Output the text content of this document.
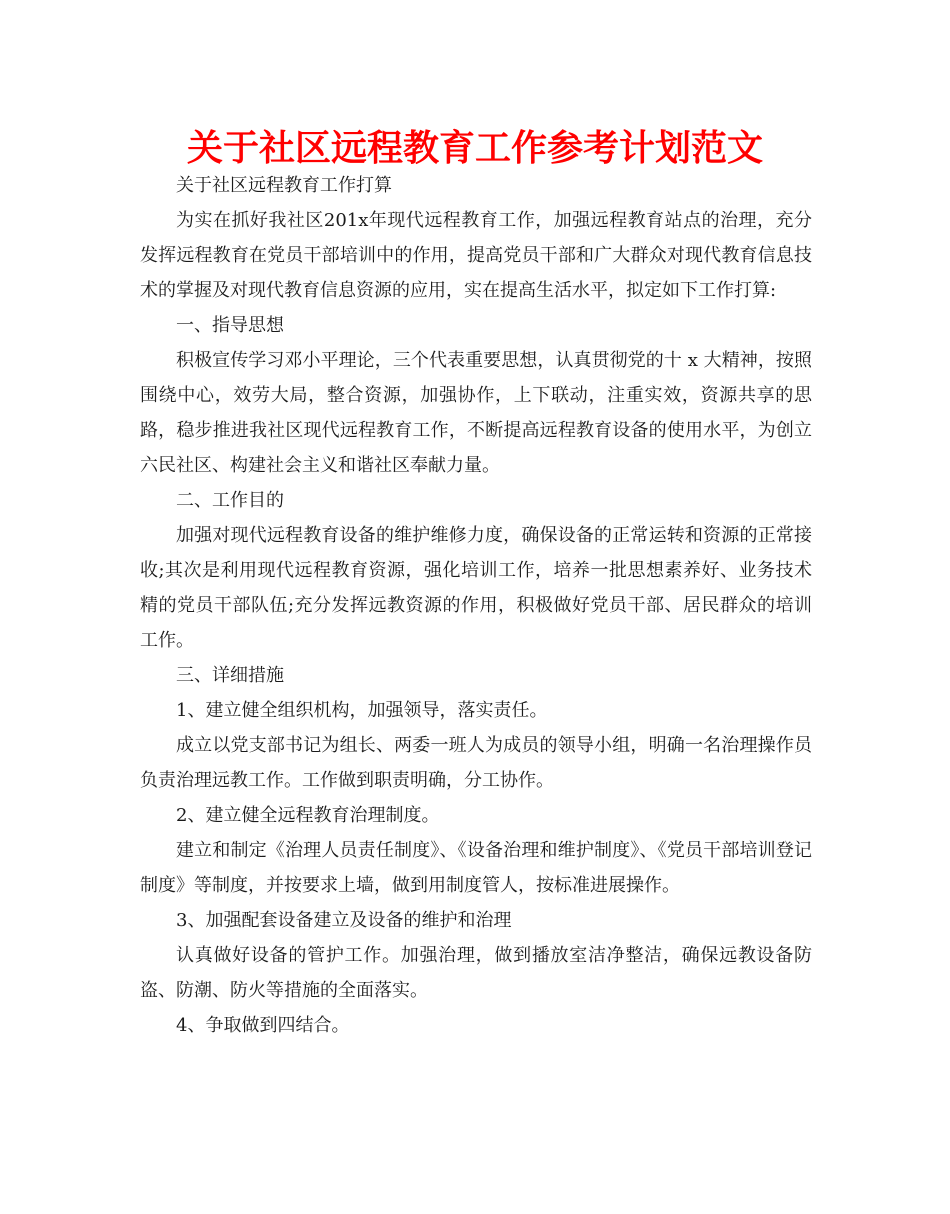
关于社区远程教育工作参考计划范文

关于社区远程教育工作打算

为实在抓好我社区201x年现代远程教育工作，加强远程教育站点的治理，充分发挥远程教育在党员干部培训中的作用，提高党员干部和广大群众对现代教育信息技术的掌握及对现代教育信息资源的应用，实在提高生活水平，拟定如下工作打算:

一、指导思想

积极宣传学习邓小平理论，三个代表重要思想，认真贯彻党的十 x 大精神，按照围绕中心，效劳大局，整合资源，加强协作，上下联动，注重实效，资源共享的思路，稳步推进我社区现代远程教育工作，不断提高远程教育设备的使用水平，为创立六民社区、构建社会主义和谐社区奉献力量。

二、工作目的

加强对现代远程教育设备的维护维修力度，确保设备的正常运转和资源的正常接收;其次是利用现代远程教育资源，强化培训工作，培养一批思想素养好、业务技术精的党员干部队伍;充分发挥远教资源的作用，积极做好党员干部、居民群众的培训工作。

三、详细措施

1、建立健全组织机构，加强领导，落实责任。

成立以党支部书记为组长、两委一班人为成员的领导小组，明确一名治理操作员负责治理远教工作。工作做到职责明确，分工协作。

2、建立健全远程教育治理制度。

建立和制定《治理人员责任制度》、《设备治理和维护制度》、《党员干部培训登记制度》等制度，并按要求上墙，做到用制度管人，按标准进展操作。

3、加强配套设备建立及设备的维护和治理

认真做好设备的管护工作。加强治理，做到播放室洁净整洁，确保远教设备防盗、防潮、防火等措施的全面落实。

4、争取做到四结合。
